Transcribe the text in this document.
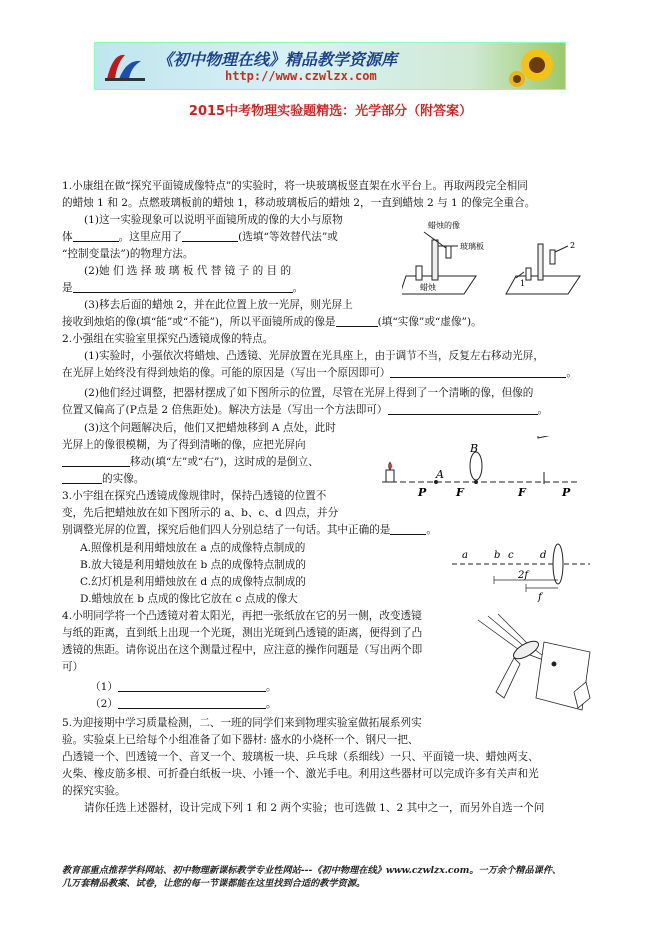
《初中物理在线》精品教学资源库
http://www.czwlzx.com
2015中考物理实验题精选：光学部分（附答案）
1.小康组在做“探究平面镜成像特点”的实验时，将一块玻璃板竖直架在水平台上。再取两段完全相同
的蜡烛 1 和 2。点燃玻璃板前的蜡烛 1，移动玻璃板后的蜡烛 2，一直到蜡烛 2 与 1 的像完全重合。
(1)这一实验现象可以说明平面镜所成的像的大小与原物
体	。这里应用了	(选填“等效替代法”或
“控制变量法”)的物理方法。
(2)她 们 选 择 玻 璃 板 代 替 镜 子 的 目 的
是	。
(3)移去后面的蜡烛 2，并在此位置上放一光屏，则光屏上
接收到烛焰的像(填“能”或“不能”)，所以平面镜所成的像是	(填“实像”或“虚像”)。
蜡烛的像
玻璃板
蜡烛	1
2
2.小强组在实验室里探究凸透镜成像的特点。
(1)实验时，小强依次将蜡烛、凸透镜、光屏放置在光具座上，由于调节不当，反复左右移动光屏，
在光屏上始终没有得到烛焰的像。可能的原因是（写出一个原因即可）	。
(2)他们经过调整，把器材摆成了如下图所示的位置，尽管在光屏上得到了一个清晰的像，但像的
位置又偏高了(P点是 2 倍焦距处)。解决方法是（写出一个方法即可）	。
(3)这个问题解决后，他们又把蜡烛移到 A 点处，此时
光屏上的像很模糊，为了得到清晰的像，应把光屏向
移动(填“左”或“右”)，这时成的是倒立、
的实像。	A
B
P	F	F	P
3.小宇组在探究凸透镜成像规律时，保持凸透镜的位置不
变，先后把蜡烛放在如下图所示的 a、b、c、d 四点，并分
别调整光屏的位置，探究后他们四人分别总结了一句话。其中正确的是	。
A.照像机是利用蜡烛放在 a 点的成像特点制成的
B.放大镜是利用蜡烛放在 b 点的成像特点制成的
C.幻灯机是利用蜡烛放在 d 点的成像特点制成的
D.蜡烛放在 b 点成的像比它放在 c 点成的像大
a	b c	d
2f
f
4.小明同学将一个凸透镜对着太阳光，再把一张纸放在它的另一侧，改变透镜
与纸的距离，直到纸上出现一个光斑，测出光斑到凸透镜的距离，便得到了凸
透镜的焦距。请你说出在这个测量过程中，应注意的操作问题是（写出两个即
可）
（1）	。
（2）	。
5.为迎接期中学习质量检测，二、一班的同学们来到物理实验室做拓展系列实
验。实验桌上已给每个小组准备了如下器材: 盛水的小烧杯一个、钢尺一把、
凸透镜一个、凹透镜一个、音叉一个、玻璃板一块、乒乓球（系细线）一只、平面镜一块、蜡烛两支、
火柴、橡皮筋多根、可折叠白纸板一块、小锤一个、激光手电。利用这些器材可以完成许多有关声和光
的探究实验。
请你任选上述器材，设计完成下列 1 和 2 两个实验；也可选做 1、2 其中之一，而另外自选一个问
教育部重点推荐学科网站、初中物理新课标教学专业性网站---《初中物理在线》www.czwlzx.com。一万余个精品课件、
几万套精品教案、试卷，让您的每一节课都能在这里找到合适的教学资源。
